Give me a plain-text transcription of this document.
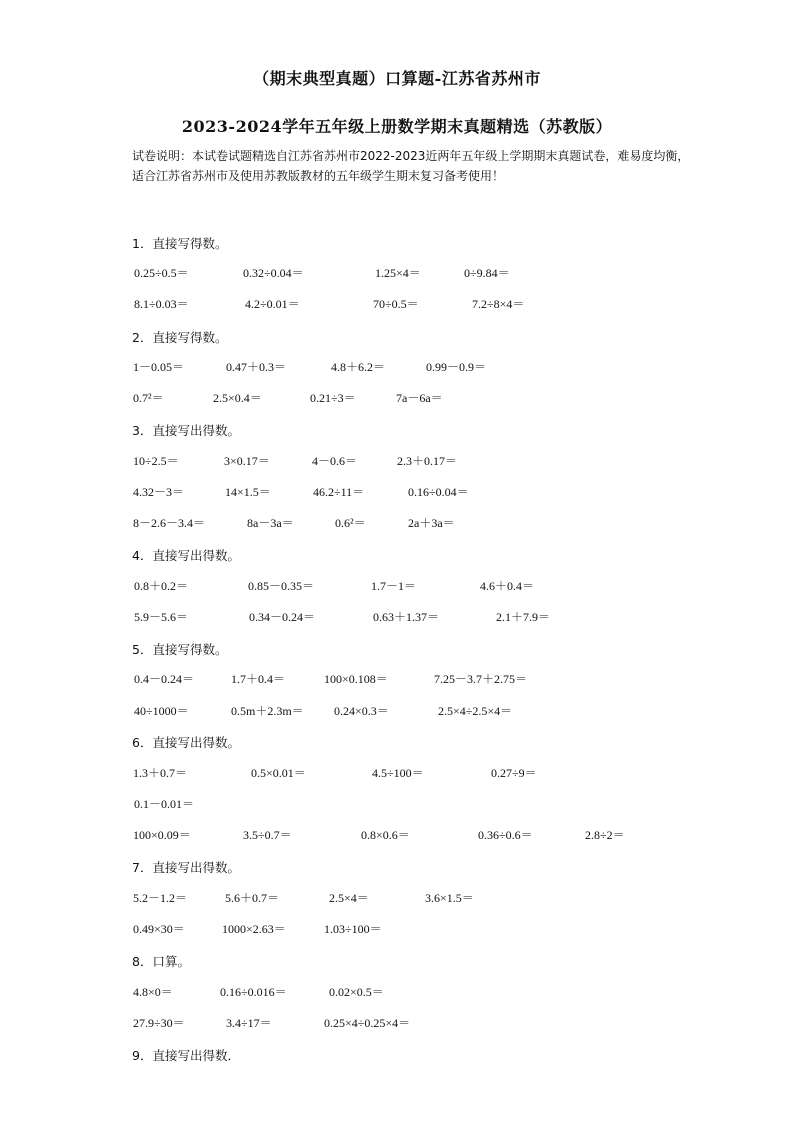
（期末典型真题）口算题-江苏省苏州市
2023-2024学年五年级上册数学期末真题精选（苏教版）

试卷说明：本试卷试题精选自江苏省苏州市2022-2023近两年五年级上学期期末真题试卷，难易度均衡，适合江苏省苏州市及使用苏教版教材的五年级学生期末复习备考使用！

1．直接写得数。

0.25÷0.5＝	0.32÷0.04＝	1.25×4＝	0÷9.84＝
8.1÷0.03＝	4.2÷0.01＝	70÷0.5＝	7.2÷8×4＝

2．直接写得数。

1－0.05＝	0.47＋0.3＝	4.8＋6.2＝	0.99－0.9＝
0.7²＝	2.5×0.4＝	0.21÷3＝	7a－6a＝

3．直接写出得数。

10÷2.5＝	3×0.17＝	4－0.6＝	2.3＋0.17＝
4.32－3＝	14×1.5＝	46.2÷11＝	0.16÷0.04＝
8－2.6－3.4＝	8a－3a＝	0.6²＝	2a＋3a＝

4．直接写出得数。

0.8＋0.2＝	0.85－0.35＝	1.7－1＝	4.6＋0.4＝
5.9－5.6＝	0.34－0.24＝	0.63＋1.37＝	2.1＋7.9＝

5．直接写得数。

0.4－0.24＝	1.7＋0.4＝	100×0.108＝	7.25－3.7＋2.75＝
40÷1000＝	0.5m＋2.3m＝	0.24×0.3＝	2.5×4÷2.5×4＝

6．直接写出得数。

1.3＋0.7＝	0.5×0.01＝	4.5÷100＝	0.27÷9＝
0.1－0.01＝
100×0.09＝	3.5÷0.7＝	0.8×0.6＝	0.36÷0.6＝	2.8÷2＝

7．直接写出得数。

5.2－1.2＝	5.6＋0.7＝	2.5×4＝	3.6×1.5＝
0.49×30＝	1000×2.63＝	1.03÷100＝

8．口算。

4.8×0＝	0.16÷0.016＝	0.02×0.5＝
27.9÷30＝	3.4÷17＝	0.25×4÷0.25×4＝

9．直接写出得数．
